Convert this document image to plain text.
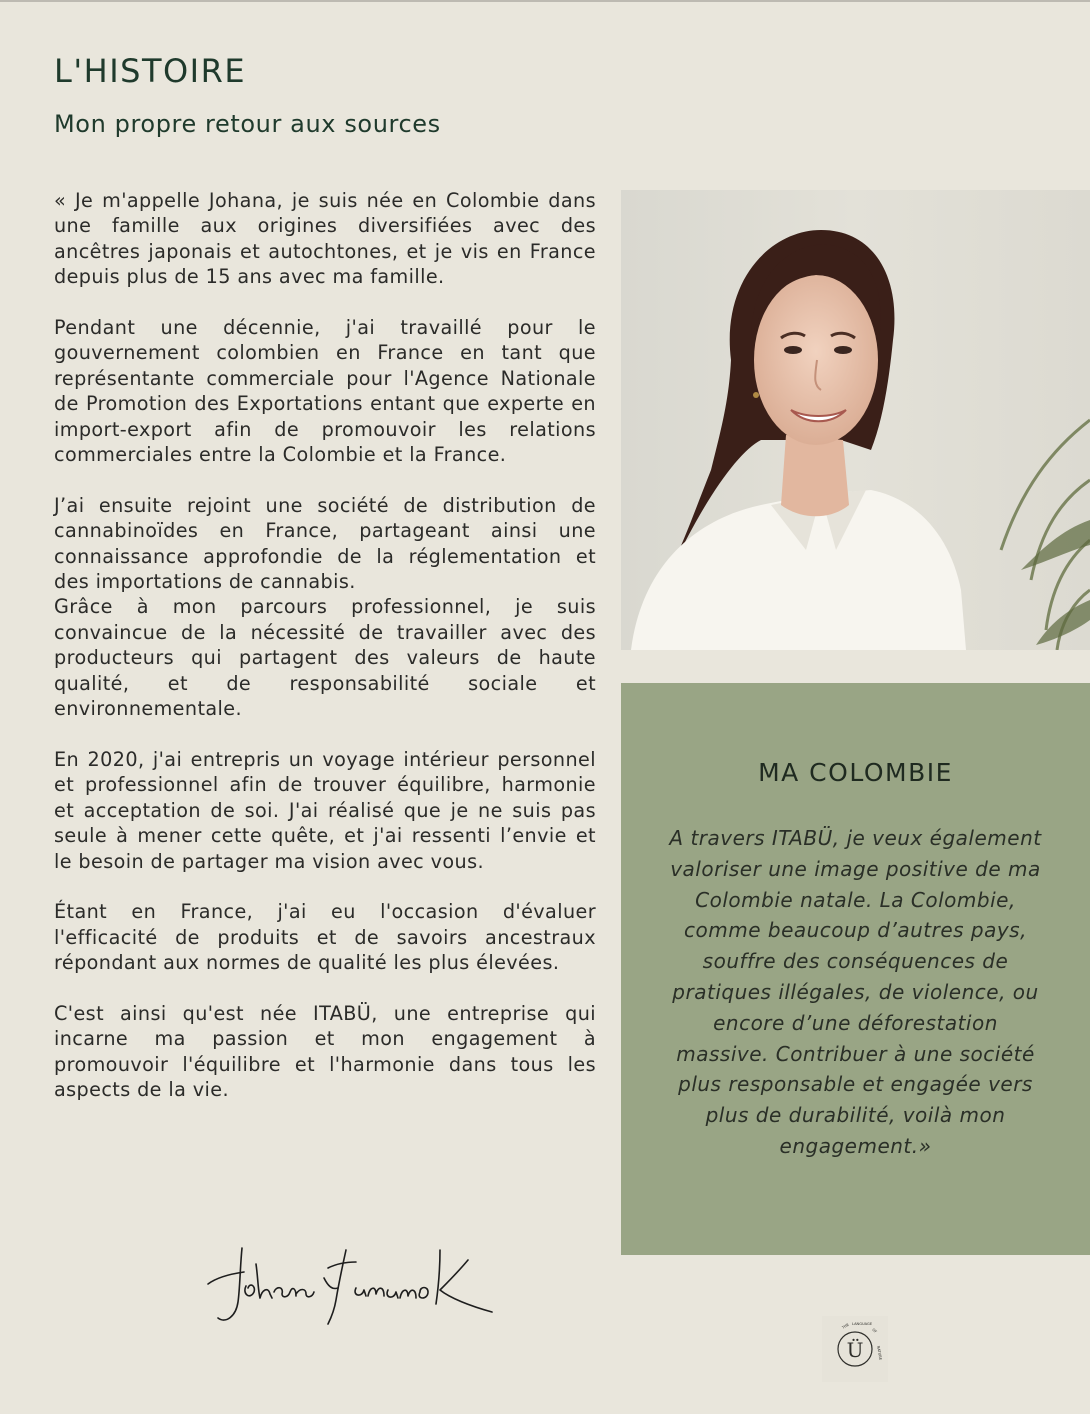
L'HISTOIRE
Mon propre retour aux sources

« Je m'appelle Johana, je suis née en Colombie dans une famille aux origines diversifiées avec des ancêtres japonais et autochtones, et je vis en France depuis plus de 15 ans avec ma famille.

Pendant une décennie, j'ai travaillé pour le gouvernement colombien en France en tant que représentante commerciale pour l'Agence Nationale de Promotion des Exportations entant que experte en import-export afin de promouvoir les relations commerciales entre la Colombie et la France.

J’ai ensuite rejoint une société de distribution de cannabinoïdes en France, partageant ainsi une connaissance approfondie de la réglementation et des importations de cannabis.

Grâce à mon parcours professionnel, je suis convaincue de la nécessité de travailler avec des producteurs qui partagent des valeurs de haute qualité, et de responsabilité sociale et environnementale.

En 2020, j'ai entrepris un voyage intérieur personnel et professionnel afin de trouver équilibre, harmonie et acceptation de soi. J'ai réalisé que je ne suis pas seule à mener cette quête, et j'ai ressenti l’envie et le besoin de partager ma vision avec vous.

Étant en France, j'ai eu l'occasion d'évaluer l'efficacité de produits et de savoirs ancestraux répondant aux normes de qualité les plus élevées.

C'est ainsi qu'est née ITABÜ, une entreprise qui incarne ma passion et mon engagement à promouvoir l'équilibre et l'harmonie dans tous les aspects de la vie.

MA COLOMBIE

A travers ITABÜ, je veux également valoriser une image positive de ma Colombie natale. La Colombie, comme beaucoup d’autres pays, souffre des conséquences de pratiques illégales, de violence, ou encore d’une déforestation massive. Contribuer à une société plus responsable et engagée vers plus de durabilité, voilà mon engagement.»

Ü
THE LANGUAGE
OF
NATURE
